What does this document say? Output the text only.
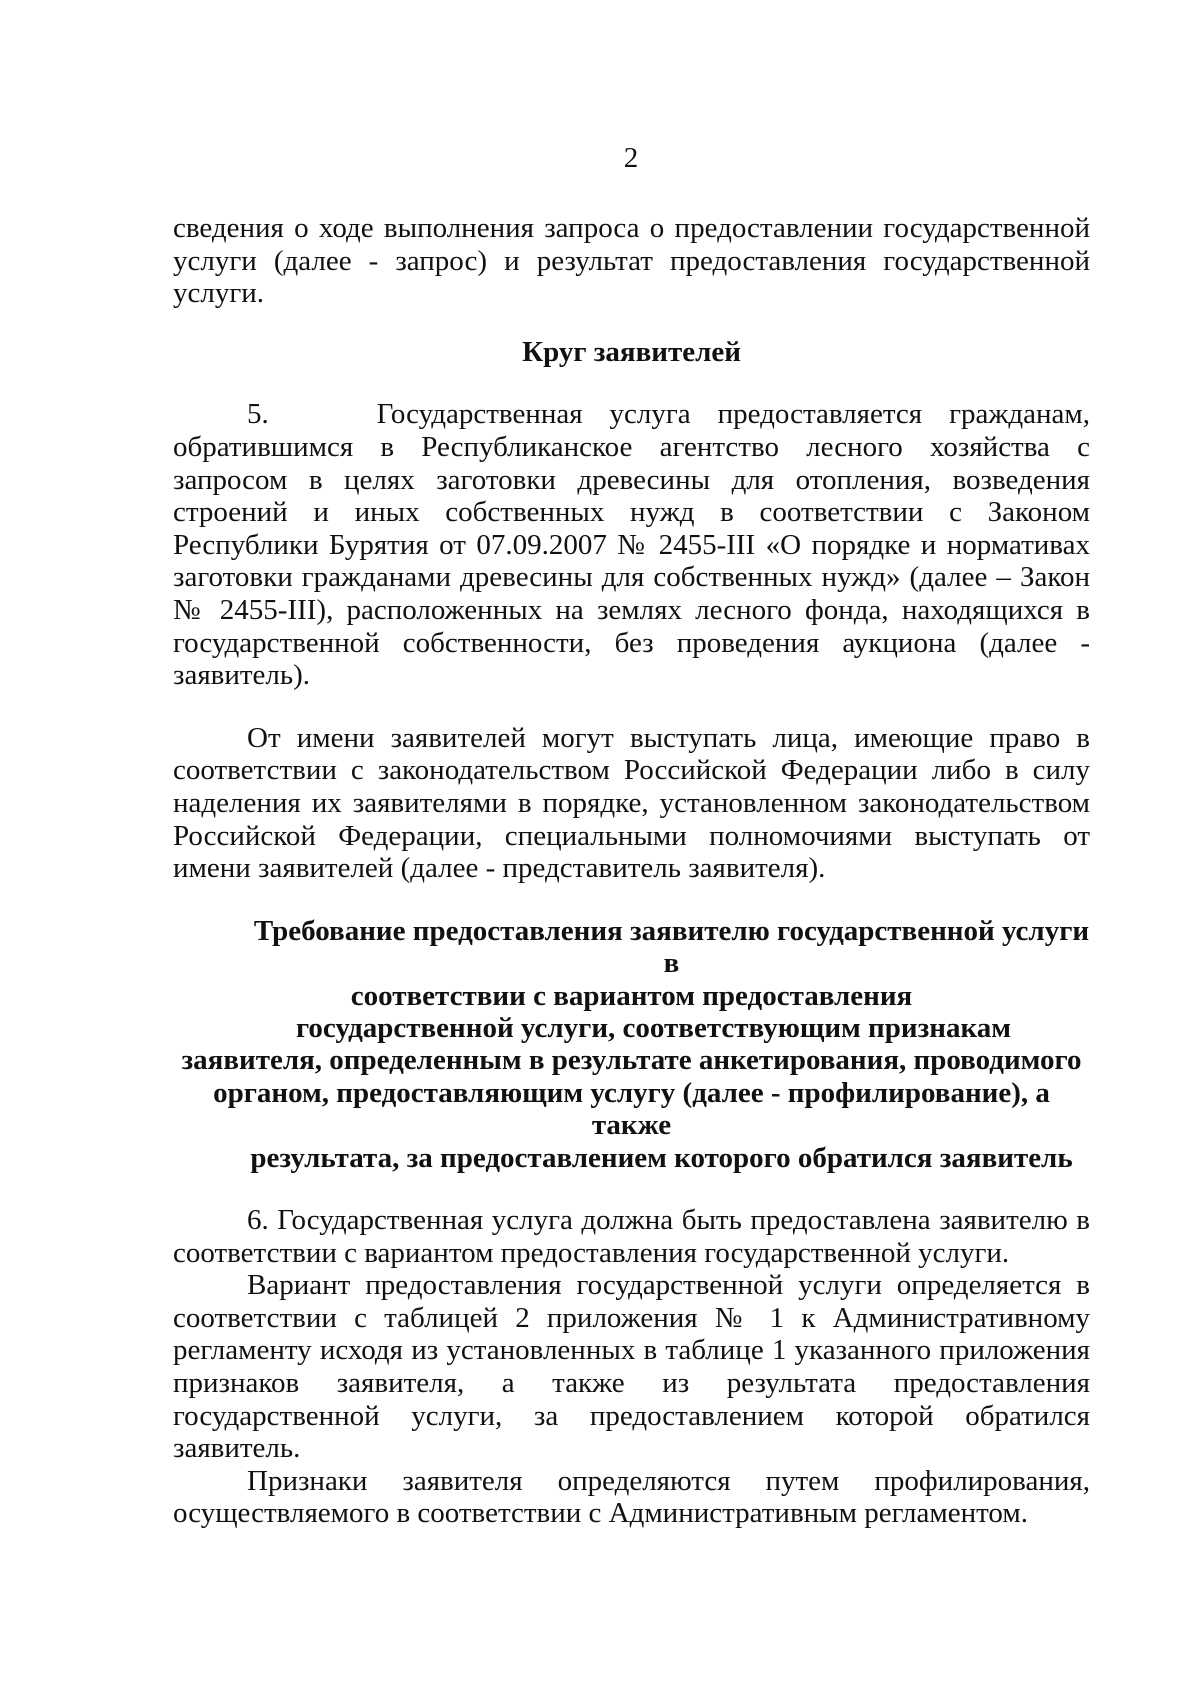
2

сведения о ходе выполнения запроса о предоставлении государственной услуги (далее - запрос) и результат предоставления государственной услуги.

Круг заявителей

5.    Государственная услуга предоставляется гражданам, обратившимся в Республиканское агентство лесного хозяйства с запросом в целях заготовки древесины для отопления, возведения строений и иных собственных нужд в соответствии с Законом Республики Бурятия от 07.09.2007 № 2455-III «О порядке и нормативах заготовки гражданами древесины для собственных нужд» (далее – Закон № 2455-III), расположенных на землях лесного фонда, находящихся в государственной собственности, без проведения аукциона (далее - заявитель).

От имени заявителей могут выступать лица, имеющие право в соответствии с законодательством Российской Федерации либо в силу наделения их заявителями в порядке, установленном законодательством Российской Федерации, специальными полномочиями выступать от имени заявителей (далее - представитель заявителя).

Требование предоставления заявителю государственной услуги в
соответствии с вариантом предоставления
государственной услуги, соответствующим признакам
заявителя, определенным в результате анкетирования, проводимого
органом, предоставляющим услугу (далее - профилирование), а также
результата, за предоставлением которого обратился заявитель

6. Государственная услуга должна быть предоставлена заявителю в соответствии с вариантом предоставления государственной услуги.

Вариант предоставления государственной услуги определяется в соответствии с таблицей 2 приложения № 1 к Административному регламенту исходя из установленных в таблице 1 указанного приложения признаков заявителя, а также из результата предоставления государственной услуги, за предоставлением которой обратился заявитель.

Признаки заявителя определяются путем профилирования, осуществляемого в соответствии с Административным регламентом.
